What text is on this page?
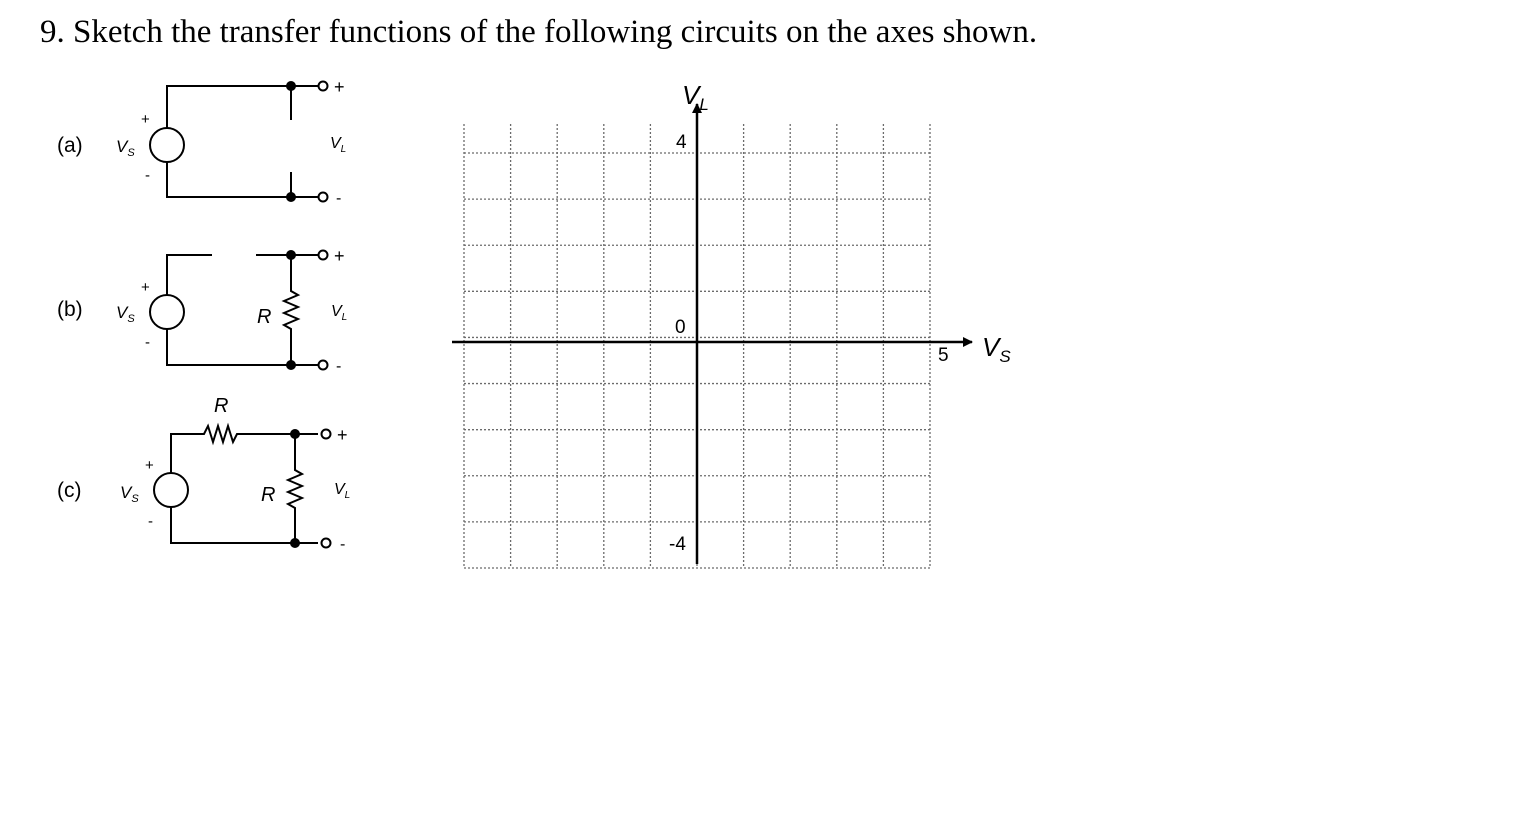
9. Sketch the transfer functions of the following circuits on the axes shown.
(a) $V_S$
+
-
+
-
$V_L$
(b) $V_S$
+
-
+
-
R	$V_L$
(c) $V_S$
+
-
R
+
-
R	$V_L$
$V_L$
$V_S$
4
0
-4
5
